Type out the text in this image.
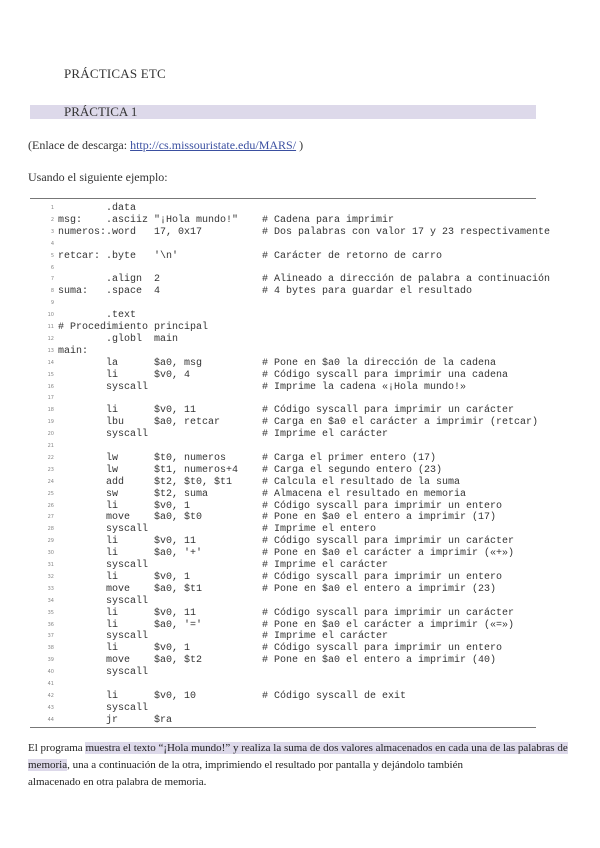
PRÁCTICAS ETC
PRÁCTICA 1
(Enlace de descarga: http://cs.missouristate.edu/MARS/ )
Usando el siguiente ejemplo:
1	.data
2 msg: .asciiz "¡Hola mundo!" # Cadena para imprimir
3 numeros: .word 17, 0x17	# Dos palabras con valor 17 y 23 respectivamente
4
5 retcar: .byte '\n'	# Carácter de retorno de carro
6
7	.align 2	# Alineado a dirección de palabra a continuación
8 suma: .space 4	# 4 bytes para guardar el resultado
9
10	.text
11 # Procedimiento principal
12	.globl main
13 main:
14	la	$a0, msg	# Pone en $a0 la dirección de la cadena
15	li	$v0, 4	# Código syscall para imprimir una cadena
16	syscall	# Imprime la cadena «¡Hola mundo!»
17
18	li	$v0, 11	# Código syscall para imprimir un carácter
19	lbu	$a0, retcar	# Carga en $a0 el carácter a imprimir (retcar)
20	syscall	# Imprime el carácter
21
22	lw	$t0, numeros	# Carga el primer entero (17)
23	lw	$t1, numeros+4 # Carga el segundo entero (23)
24	add	$t2, $t0, $t1	# Calcula el resultado de la suma
25	sw	$t2, suma	# Almacena el resultado en memoria
26	li	$v0, 1	# Código syscall para imprimir un entero
27	move $a0, $t0	# Pone en $a0 el entero a imprimir (17)
28	syscall	# Imprime el entero
29	li	$v0, 11	# Código syscall para imprimir un carácter
30	li	$a0, '+'	# Pone en $a0 el carácter a imprimir («+»)
31	syscall	# Imprime el carácter
32	li	$v0, 1	# Código syscall para imprimir un entero
33	move $a0, $t1	# Pone en $a0 el entero a imprimir (23)
34	syscall
35	li	$v0, 11	# Código syscall para imprimir un carácter
36	li	$a0, '='	# Pone en $a0 el carácter a imprimir («=»)
37	syscall	# Imprime el carácter
38	li	$v0, 1	# Código syscall para imprimir un entero
39	move $a0, $t2	# Pone en $a0 el entero a imprimir (40)
40	syscall
41
42	li	$v0, 10	# Código syscall de exit
43	syscall
44	jr	$ra

El programa muestra el texto “¡Hola mundo!” y realiza la suma de dos valores almacenados en cada una de las palabras de memoria, una a continuación de la otra, imprimiendo el resultado por pantalla y dejándolo también

almacenado en otra palabra de memoria.
